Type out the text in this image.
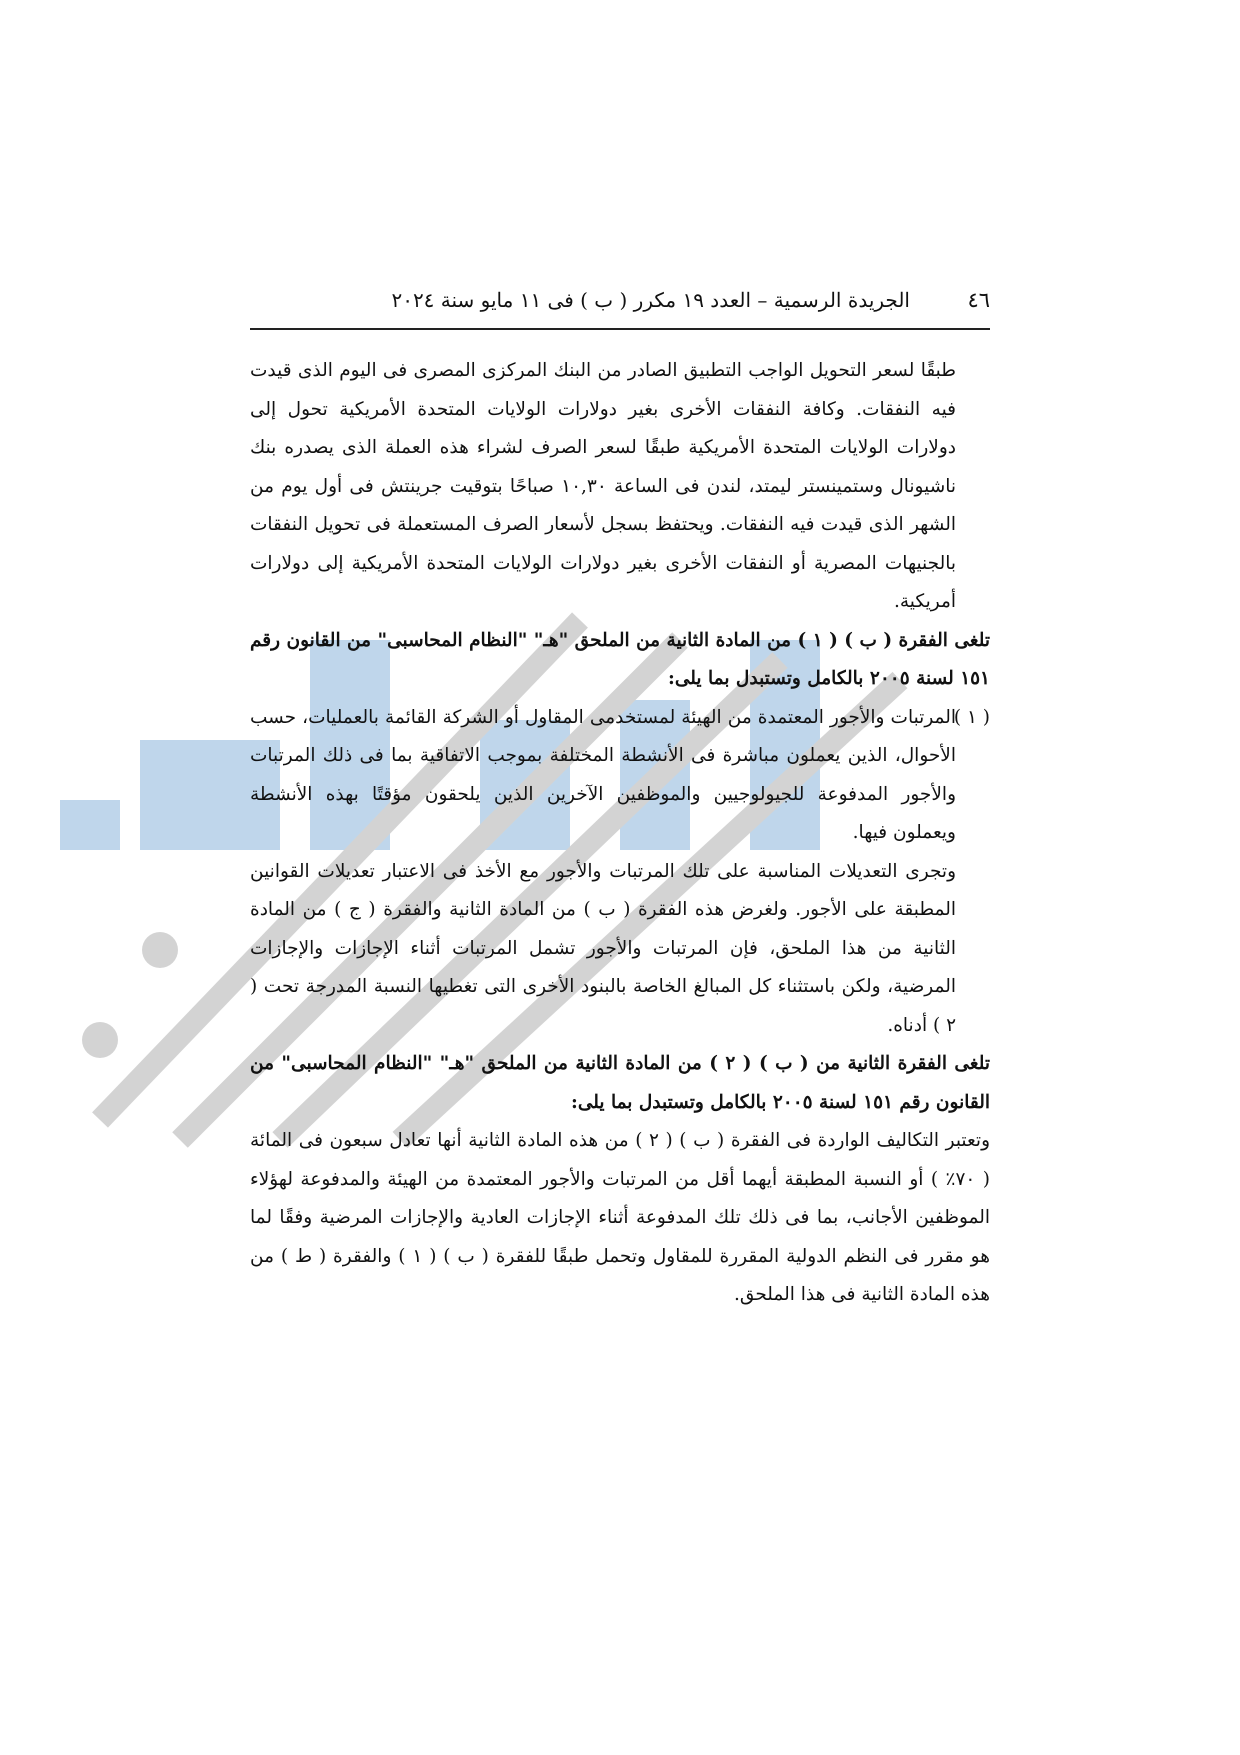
٤٦
الجريدة الرسمية – العدد ١٩ مكرر ( ب ) فى ١١ مايو سنة ٢٠٢٤

طبقًا لسعر التحويل الواجب التطبيق الصادر من البنك المركزى المصرى فى اليوم الذى قيدت فيه النفقات. وكافة النفقات الأخرى بغير دولارات الولايات المتحدة الأمريكية تحول إلى دولارات الولايات المتحدة الأمريكية طبقًا لسعر الصرف لشراء هذه العملة الذى يصدره بنك ناشيونال وستمينستر ليمتد، لندن فى الساعة ١٠,٣٠ صباحًا بتوقيت جرينتش فى أول يوم من الشهر الذى قيدت فيه النفقات. ويحتفظ بسجل لأسعار الصرف المستعملة فى تحويل النفقات بالجنيهات المصرية أو النفقات الأخرى بغير دولارات الولايات المتحدة الأمريكية إلى دولارات أمريكية.

تلغى الفقرة ( ب ) ( ١ ) من المادة الثانية من الملحق "هـ" "النظام المحاسبى" من القانون رقم ١٥١ لسنة ٢٠٠٥ بالكامل وتستبدل بما يلى:

( ١ )

المرتبات والأجور المعتمدة من الهيئة لمستخدمى المقاول أو الشركة القائمة بالعمليات، حسب الأحوال، الذين يعملون مباشرة فى الأنشطة المختلفة بموجب الاتفاقية بما فى ذلك المرتبات والأجور المدفوعة للجيولوجيين والموظفين الآخرين الذين يلحقون مؤقتًا بهذه الأنشطة ويعملون فيها.

وتجرى التعديلات المناسبة على تلك المرتبات والأجور مع الأخذ فى الاعتبار تعديلات القوانين المطبقة على الأجور. ولغرض هذه الفقرة ( ب ) من المادة الثانية والفقرة ( ج ) من المادة الثانية من هذا الملحق، فإن المرتبات والأجور تشمل المرتبات أثناء الإجازات والإجازات المرضية، ولكن باستثناء كل المبالغ الخاصة بالبنود الأخرى التى تغطيها النسبة المدرجة تحت ( ٢ ) أدناه.

تلغى الفقرة الثانية من ( ب ) ( ٢ ) من المادة الثانية من الملحق "هـ" "النظام المحاسبى" من القانون رقم ١٥١ لسنة ٢٠٠٥ بالكامل وتستبدل بما يلى:

وتعتبر التكاليف الواردة فى الفقرة ( ب ) ( ٢ ) من هذه المادة الثانية أنها تعادل سبعون فى المائة ( ٧٠٪ ) أو النسبة المطبقة أيهما أقل من المرتبات والأجور المعتمدة من الهيئة والمدفوعة لهؤلاء الموظفين الأجانب، بما فى ذلك تلك المدفوعة أثناء الإجازات العادية والإجازات المرضية وفقًا لما هو مقرر فى النظم الدولية المقررة للمقاول وتحمل طبقًا للفقرة ( ب ) ( ١ ) والفقرة ( ط ) من هذه المادة الثانية فى هذا الملحق.
